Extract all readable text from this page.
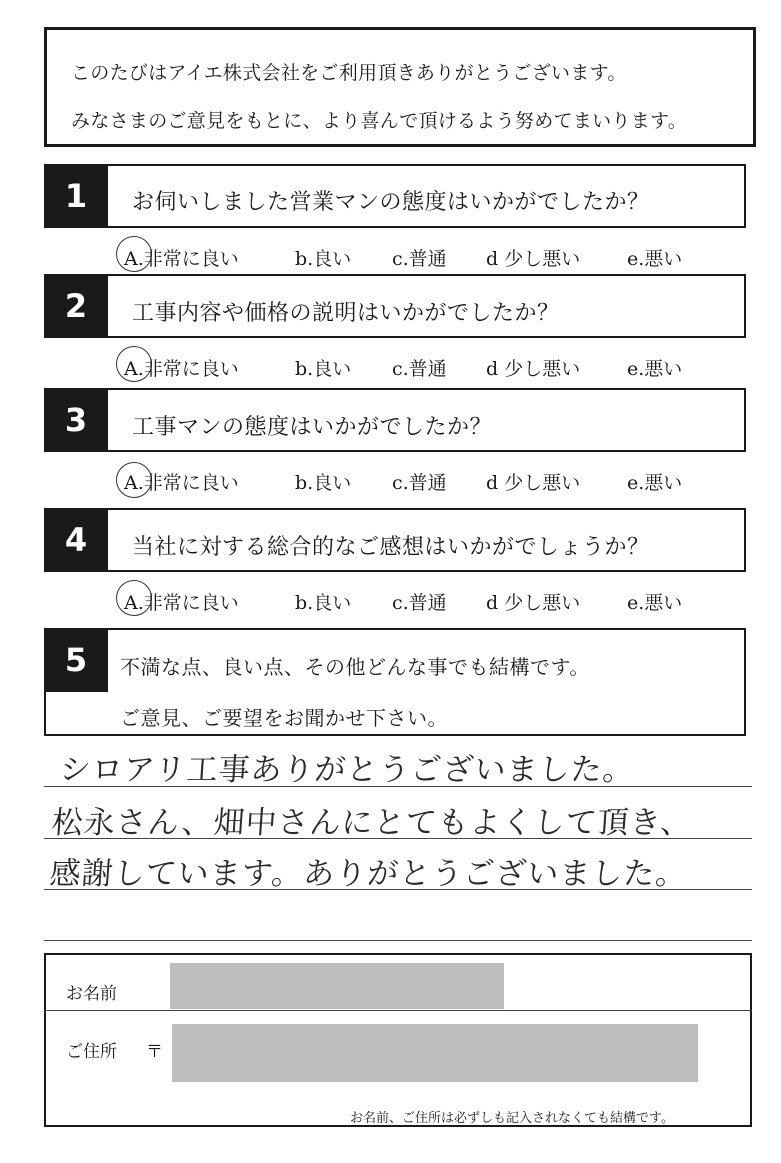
このたびはアイエ株式会社をご利用頂きありがとうございます。
みなさまのご意見をもとに、より喜んで頂けるよう努めてまいります。
1	お伺いしました営業マンの態度はいかがでしたか？
A.非常に良い	b.良い c.普通 d 少し悪い e.悪い
2	工事内容や価格の説明はいかがでしたか？
A.非常に良い	b.良い c.普通 d 少し悪い e.悪い
3	工事マンの態度はいかがでしたか？
A.非常に良い	b.良い c.普通 d 少し悪い e.悪い
4	当社に対する総合的なご感想はいかがでしょうか？
A.非常に良い	b.良い c.普通 d 少し悪い e.悪い
5	不満な点、良い点、その他どんな事でも結構です。
ご意見、ご要望をお聞かせ下さい。
シロアリ工事ありがとうございました。
松永さん、畑中さんにとてもよくして頂き、
感謝しています。ありがとうございました。
お名前
ご住所 〒
お名前、ご住所は必ずしも記入されなくても結構です。
